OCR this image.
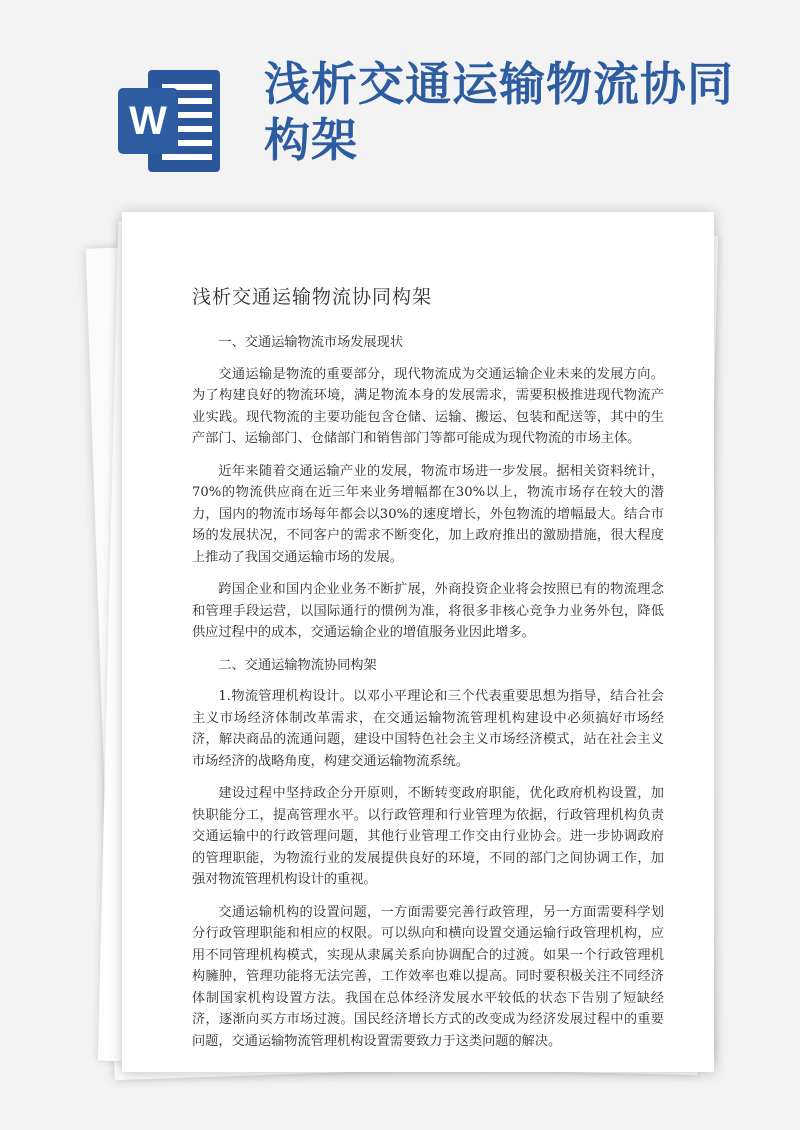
W
浅析交通运输物流协同构架
浅析交通运输物流协同构架

一、交通运输物流市场发展现状

交通运输是物流的重要部分，现代物流成为交通运输企业未来的发展方向。为了构建良好的物流环境，满足物流本身的发展需求，需要积极推进现代物流产业实践。现代物流的主要功能包含仓储、运输、搬运、包装和配送等，其中的生产部门、运输部门、仓储部门和销售部门等都可能成为现代物流的市场主体。

近年来随着交通运输产业的发展，物流市场进一步发展。据相关资料统计，70%的物流供应商在近三年来业务增幅都在30%以上，物流市场存在较大的潜力，国内的物流市场每年都会以30%的速度增长，外包物流的增幅最大。结合市场的发展状况，不同客户的需求不断变化，加上政府推出的激励措施，很大程度上推动了我国交通运输市场的发展。

跨国企业和国内企业业务不断扩展，外商投资企业将会按照已有的物流理念和管理手段运营，以国际通行的惯例为准，将很多非核心竞争力业务外包，降低供应过程中的成本，交通运输企业的增值服务业因此增多。

二、交通运输物流协同构架

1.物流管理机构设计。以邓小平理论和三个代表重要思想为指导，结合社会主义市场经济体制改革需求，在交通运输物流管理机构建设中必须搞好市场经济，解决商品的流通问题，建设中国特色社会主义市场经济模式，站在社会主义市场经济的战略角度，构建交通运输物流系统。

建设过程中坚持政企分开原则，不断转变政府职能，优化政府机构设置，加快职能分工，提高管理水平。以行政管理和行业管理为依据，行政管理机构负责交通运输中的行政管理问题，其他行业管理工作交由行业协会。进一步协调政府的管理职能，为物流行业的发展提供良好的环境，不同的部门之间协调工作，加强对物流管理机构设计的重视。

交通运输机构的设置问题，一方面需要完善行政管理，另一方面需要科学划分行政管理职能和相应的权限。可以纵向和横向设置交通运输行政管理机构，应用不同管理机构模式，实现从隶属关系向协调配合的过渡。如果一个行政管理机构臃肿，管理功能将无法完善，工作效率也难以提高。同时要积极关注不同经济体制国家机构设置方法。我国在总体经济发展水平较低的状态下告别了短缺经济，逐渐向买方市场过渡。国民经济增长方式的改变成为经济发展过程中的重要问题，交通运输物流管理机构设置需要致力于这类问题的解决。
